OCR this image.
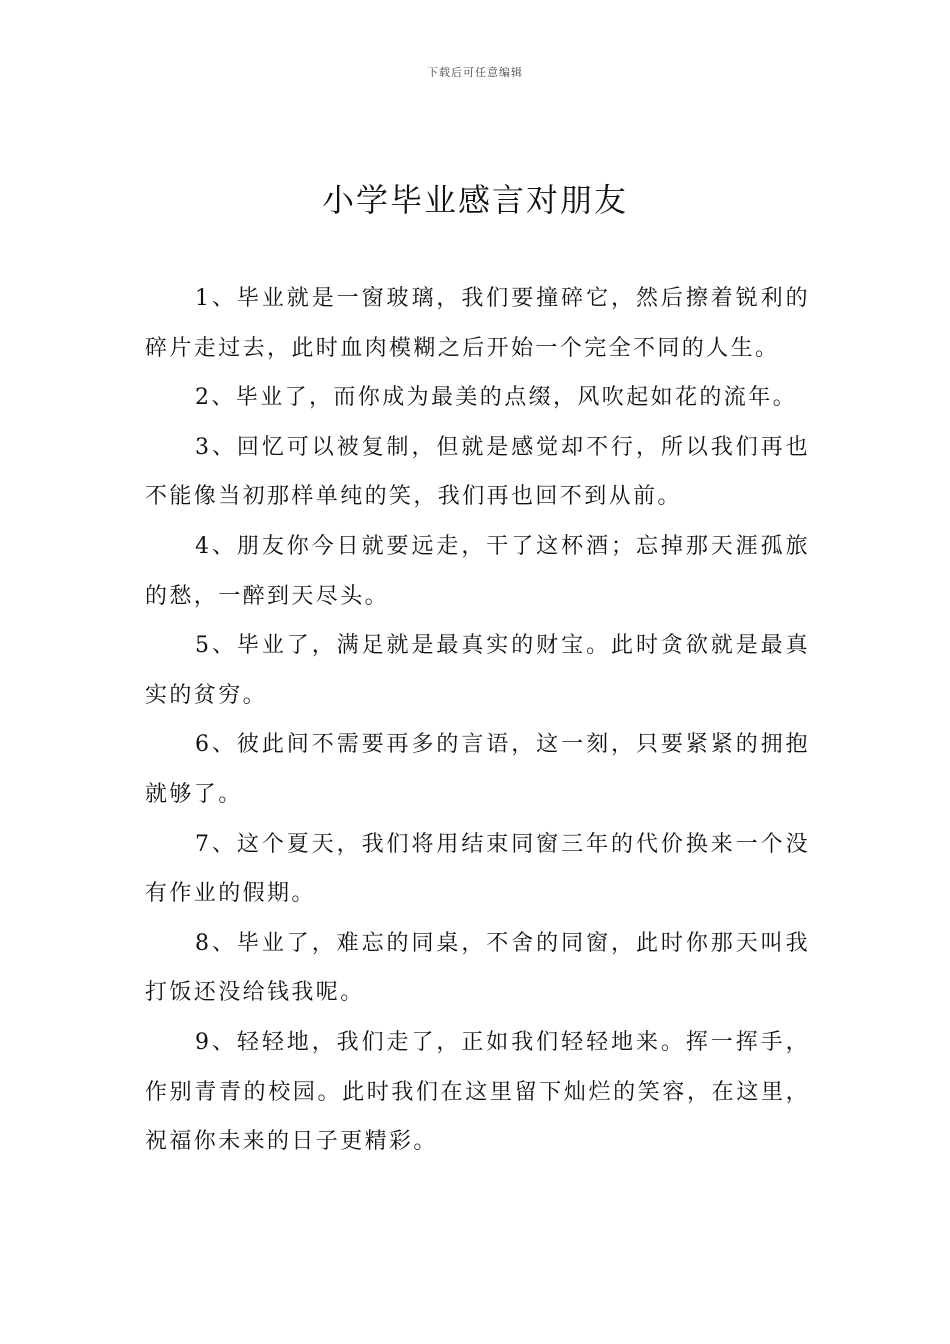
下载后可任意编辑
小学毕业感言对朋友

1、毕业就是一窗玻璃，我们要撞碎它，然后擦着锐利的碎片走过去，此时血肉模糊之后开始一个完全不同的人生。

2、毕业了，而你成为最美的点缀，风吹起如花的流年。

3、回忆可以被复制，但就是感觉却不行，所以我们再也不能像当初那样单纯的笑，我们再也回不到从前。

4、朋友你今日就要远走，干了这杯酒；忘掉那天涯孤旅的愁，一醉到天尽头。

5、毕业了，满足就是最真实的财宝。此时贪欲就是最真实的贫穷。

6、彼此间不需要再多的言语，这一刻，只要紧紧的拥抱就够了。

7、这个夏天，我们将用结束同窗三年的代价换来一个没有作业的假期。

8、毕业了，难忘的同桌，不舍的同窗，此时你那天叫我打饭还没给钱我呢。

9、轻轻地，我们走了，正如我们轻轻地来。挥一挥手，作别青青的校园。此时我们在这里留下灿烂的笑容，在这里，祝福你未来的日子更精彩。
